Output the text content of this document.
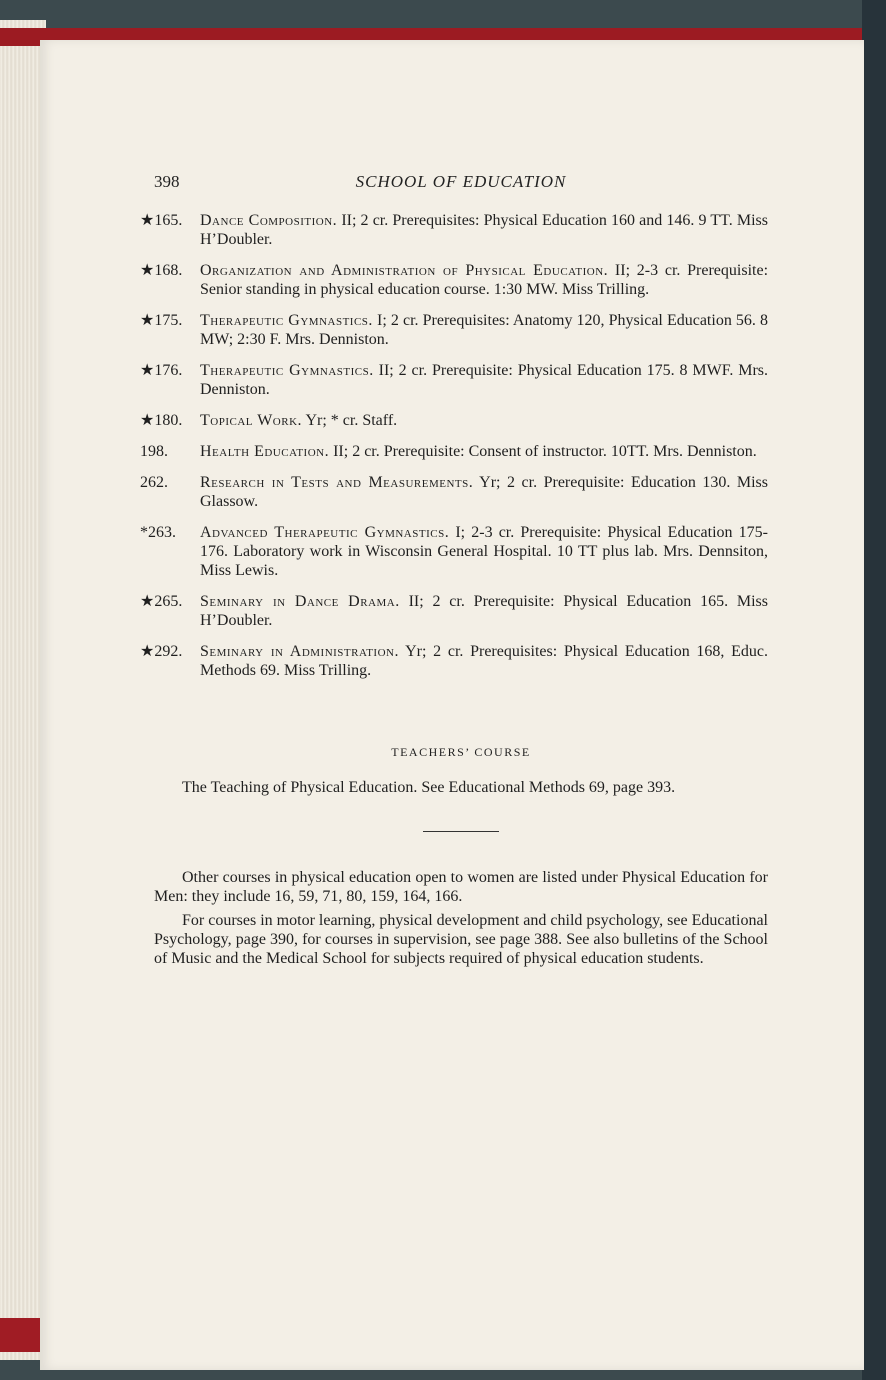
398	SCHOOL OF EDUCATION
★165. Dance Composition. II; 2 cr. Prerequisites: Physical Education 160 and 146. 9 TT. Miss H’Doubler.
★168. Organization and Administration of Physical Education. II; 2-3 cr. Prerequisite: Senior standing in physical education course. 1:30 MW. Miss Trilling.
★175. Therapeutic Gymnastics. I; 2 cr. Prerequisites: Anatomy 120, Physical Education 56. 8 MW; 2:30 F. Mrs. Denniston.
★176. Therapeutic Gymnastics. II; 2 cr. Prerequisite: Physical Education 175. 8 MWF. Mrs. Denniston.
★180. Topical Work. Yr; * cr. Staff.
198. Health Education. II; 2 cr. Prerequisite: Consent of instructor. 10TT. Mrs. Denniston.
262. Research in Tests and Measurements. Yr; 2 cr. Prerequisite: Education 130. Miss Glassow.
*263. Advanced Therapeutic Gymnastics. I; 2-3 cr. Prerequisite: Physical Education 175-176. Laboratory work in Wisconsin General Hospital. 10 TT plus lab. Mrs. Dennsiton, Miss Lewis.
★265. Seminary in Dance Drama. II; 2 cr. Prerequisite: Physical Education 165. Miss H’Doubler.
★292. Seminary in Administration. Yr; 2 cr. Prerequisites: Physical Education 168, Educ. Methods 69. Miss Trilling.
TEACHERS’ COURSE
The Teaching of Physical Education. See Educational Methods 69, page 393.
Other courses in physical education open to women are listed under Physical Education for Men: they include 16, 59, 71, 80, 159, 164, 166.
For courses in motor learning, physical development and child psychology, see Educational Psychology, page 390, for courses in supervision, see page 388. See also bulletins of the School of Music and the Medical School for subjects required of physical education students.
